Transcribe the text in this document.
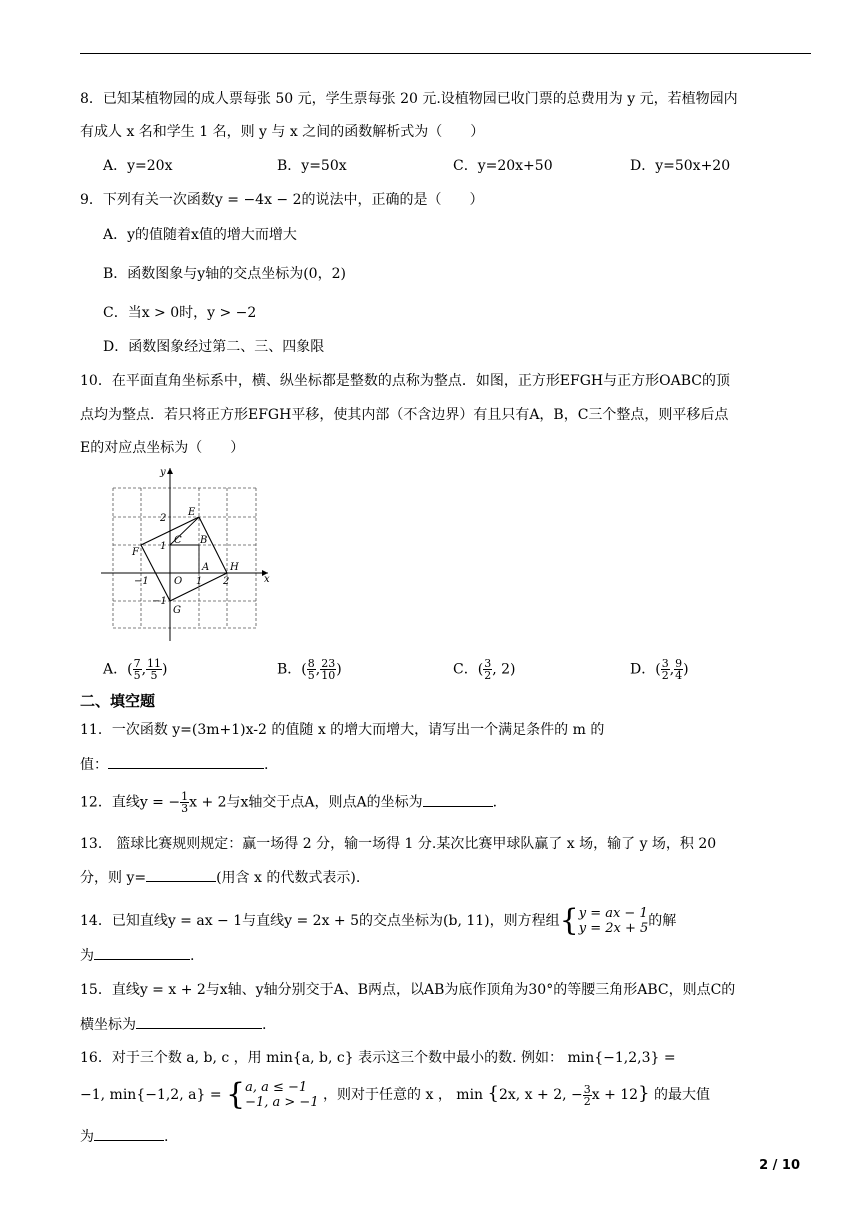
8．已知某植物园的成人票每张 50 元，学生票每张 20 元.设植物园已收门票的总费用为 y 元，若植物园内
有成人 x 名和学生 1 名，则 y 与 x 之间的函数解析式为（　　）
A．y=20x	B．y=50x	C．y=20x+50	D．y=50x+20
9．下列有关一次函数y = −4x − 2的说法中，正确的是（　　）
A．y的值随着x值的增大而增大
B．函数图象与y轴的交点坐标为(0，2)
C．当x > 0时，y > −2
D．函数图象经过第二、三、四象限
10．在平面直角坐标系中，横、纵坐标都是整数的点称为整点．如图，正方形EFGH与正方形OABC的顶
点均为整点．若只将正方形EFGH平移，使其内部（不含边界）有且只有A，B，C三个整点，则平移后点
E的对应点坐标为（　　）
x
y
E
F
G
H
A
B
C
O
2
1
−1
−1	1 2
A．( $\frac{7}{5}$ , $\frac{11}{5}$ )	B．( $\frac{8}{5}$ , $\frac{23}{10}$ )	C．( $\frac{3}{2}$ , 2)	D．( $\frac{3}{2}$ , $\frac{9}{4}$ )
二、填空题
11．一次函数 y=(3m+1)x-2 的值随 x 的增大而增大，请写出一个满足条件的 m 的
值：	.
12．直线y = − $\frac{1}{3}$ x + 2与x轴交于点A，则点A的坐标为	.
13． 篮球比赛规则规定：赢一场得 2 分，输一场得 1 分.某次比赛甲球队赢了 x 场，输了 y 场，积 20
分，则 y=	(用含 x 的代数式表示).
14．已知直线y = ax − 1与直线y = 2x + 5的交点坐标为(b, 11)，则方程组 { y = ax − 1
y = 2x + 5 的解
为	.
15．直线y = x + 2与x轴、y轴分别交于A、B两点，以AB为底作顶角为30°的等腰三角形ABC，则点C的
横坐标为	.
16．对于三个数 a, b, c ，用 min{a, b, c} 表示这三个数中最小的数. 例如： min{−1,2,3} =
−1, min{−1,2, a} = { a, a ≤ −1
−1, a > −1 ，则对于任意的 x ， min {2x, x + 2, − $\frac{3}{2}$ x + 12} 的最大值
为	.
2 / 10
